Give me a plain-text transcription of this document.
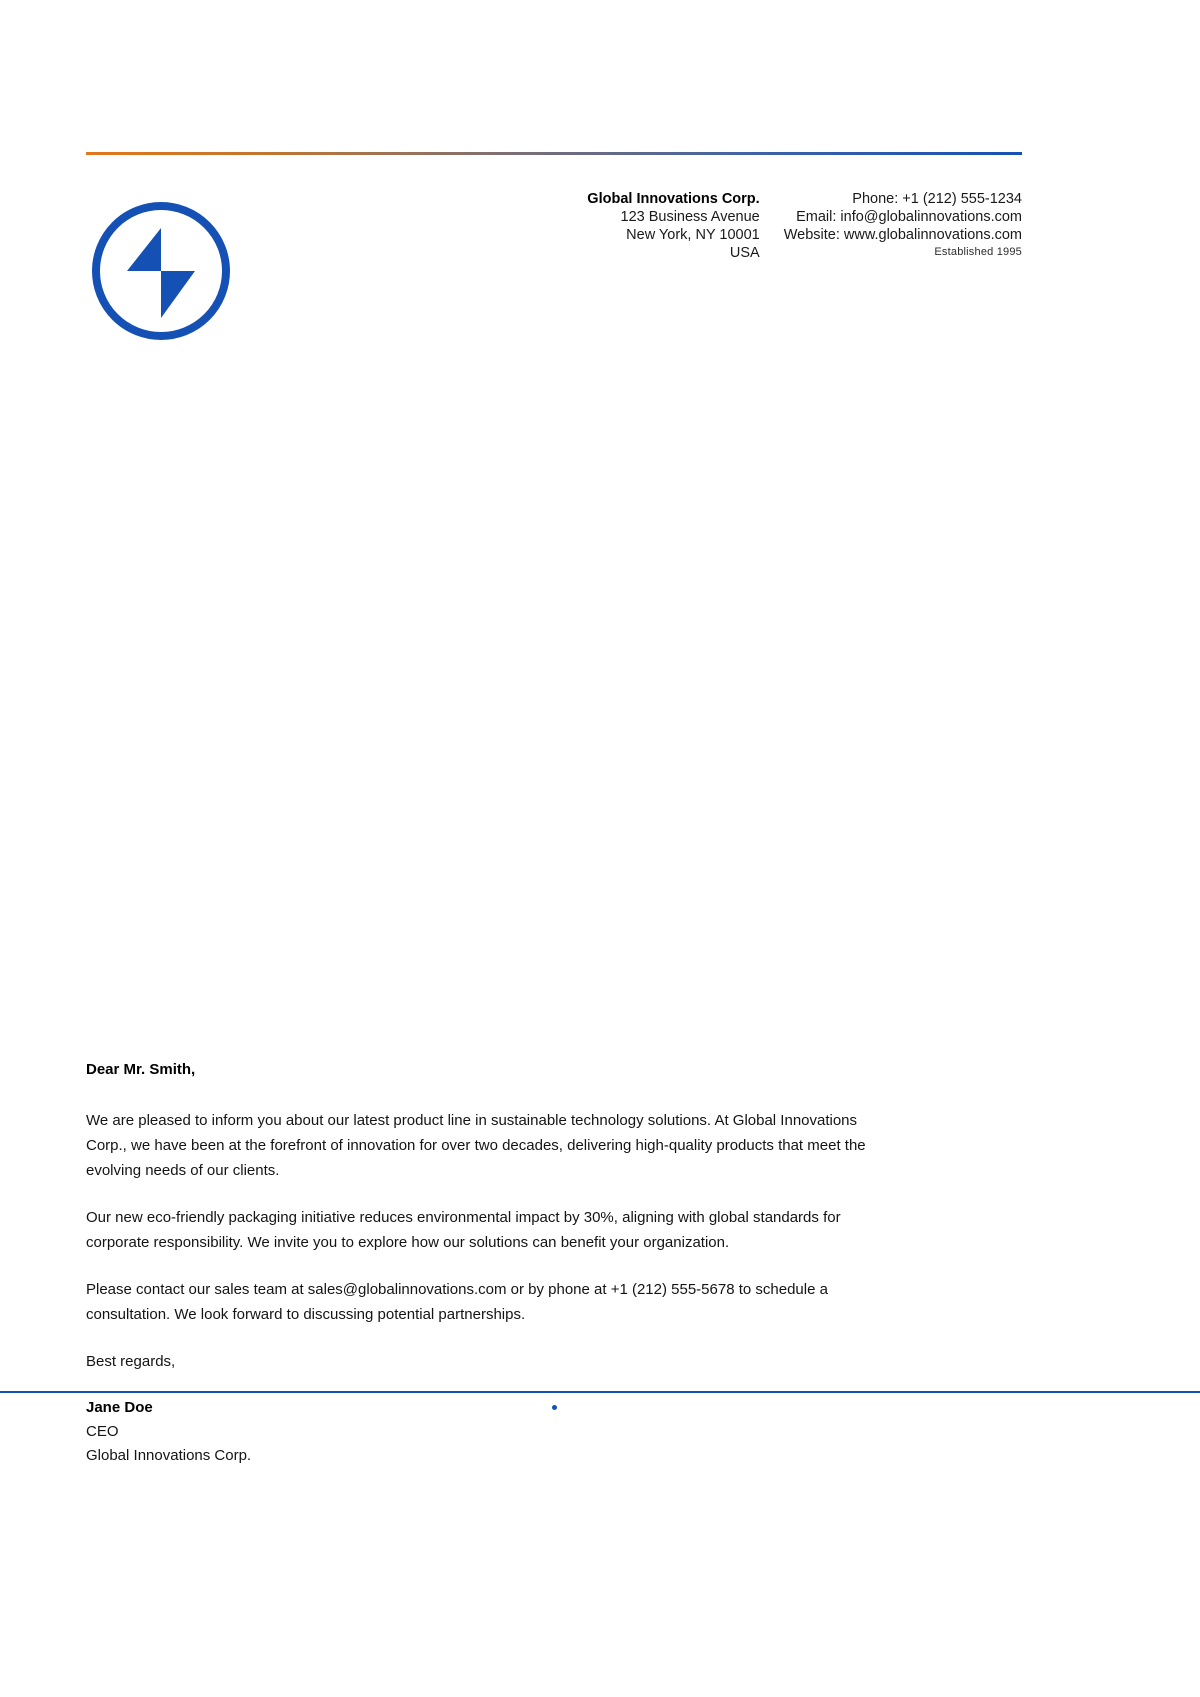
Global Innovations Corp.
123 Business Avenue
New York, NY 10001
USA
Phone: +1 (212) 555-1234
Email: info@globalinnovations.com
Website: www.globalinnovations.com
Established 1995

Dear Mr. Smith,

We are pleased to inform you about our latest product line in sustainable technology solutions. At Global Innovations Corp., we have been at the forefront of innovation for over two decades, delivering high-quality products that meet the evolving needs of our clients.

Our new eco-friendly packaging initiative reduces environmental impact by 30%, aligning with global standards for corporate responsibility. We invite you to explore how our solutions can benefit your organization.

Please contact our sales team at sales@globalinnovations.com or by phone at +1 (212) 555-5678 to schedule a consultation. We look forward to discussing potential partnerships.

Best regards,

Jane Doe
CEO
Global Innovations Corp.
